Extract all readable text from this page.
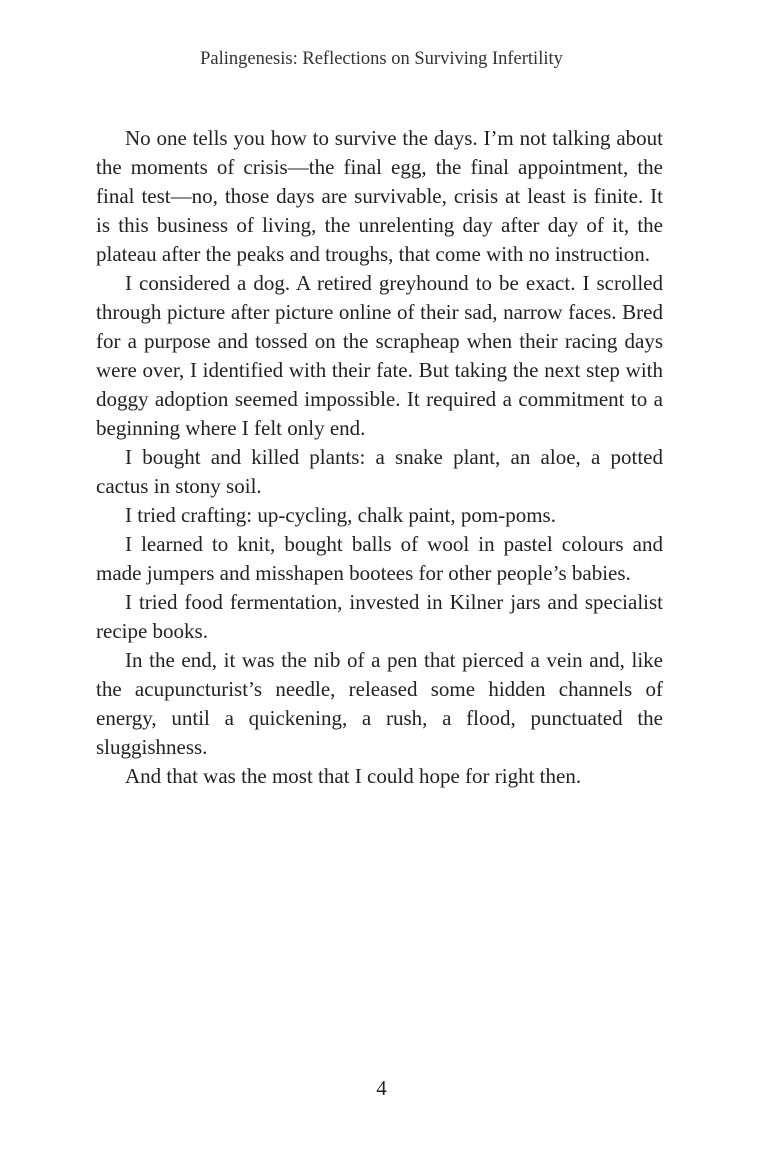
Palingenesis: Reflections on Surviving Infertility

No one tells you how to survive the days. I’m not talking about the moments of crisis—the final egg, the final appointment, the final test—no, those days are survivable, crisis at least is finite. It is this business of living, the unrelenting day after day of it, the plateau after the peaks and troughs, that come with no instruction.

I considered a dog. A retired greyhound to be exact. I scrolled through picture after picture online of their sad, narrow faces. Bred for a purpose and tossed on the scrapheap when their racing days were over, I identified with their fate. But taking the next step with doggy adoption seemed impossible. It required a commitment to a beginning where I felt only end.

I bought and killed plants: a snake plant, an aloe, a potted cactus in stony soil.

I tried crafting: up-cycling, chalk paint, pom-poms.

I learned to knit, bought balls of wool in pastel colours and made jumpers and misshapen bootees for other people’s babies.

I tried food fermentation, invested in Kilner jars and specialist recipe books.

In the end, it was the nib of a pen that pierced a vein and, like the acupuncturist’s needle, released some hidden channels of energy, until a quickening, a rush, a flood, punctuated the sluggishness.

And that was the most that I could hope for right then.

4
